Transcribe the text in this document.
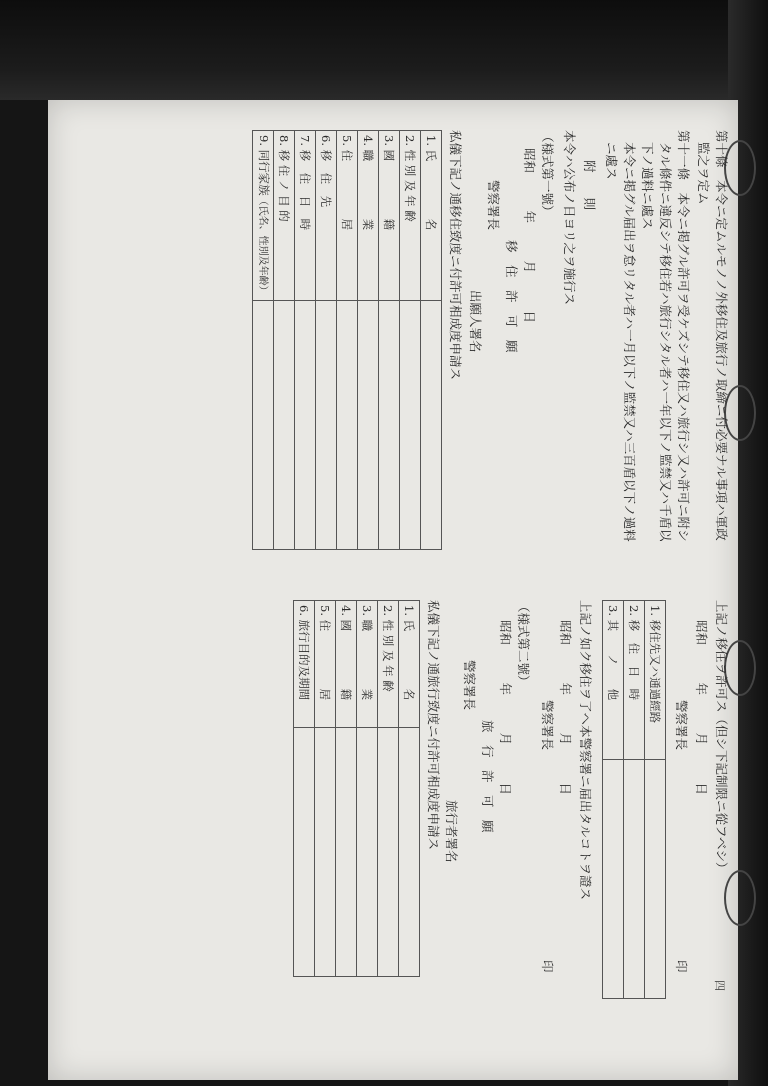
四
第十條　本令ニ定ムルモノノ外移住及旅行ノ取締ニ付必要ナル事項ハ軍政
監之ヲ定ム
第十一條　本令ニ掲グル許可ヲ受ケズシテ移住又ハ旅行シ又ハ許可ニ附シ
タル條件ニ違反シテ移住若ハ旅行シタル者ハ一年以下ノ監禁又ハ千盾以
下ノ過料ニ處ス
本令ニ掲グル届出ヲ怠リタル者ハ一月以下ノ監禁又ハ三百盾以下ノ過料
ニ處ス
附　　則
本令ハ公布ノ日ヨリ之ヲ施行ス
（様式第一號）
昭和　　　年　　　月　　　日
移　住　許　可　願
警察署長
出願人署名
私儀下記ノ通移住致度ニ付許可相成度申請ス
1. 氏　　　　　名	
2. 性 別 及 年 齢	
3. 國　　　　　籍	
4. 職　　　　　業	
5. 住　　　　　居	
6. 移　住　先	
7. 移　住　日　時	
8. 移 住 ノ 目 的	
9. 同行家族（氏名、性別及年齢）	
上記ノ移住ヲ許可ス（但シ下記制限ニ從フベシ）
昭和　　　年　　　月　　　日
警察署長
印
1. 移住先又ハ通過經路	
2. 移　住　日　時	
3. 其　　ノ　　他	
上記ノ如ク移住ヲ了ヘ本警察署ニ届出タルコトヲ證ス
昭和　　　年　　　月　　　日
警察署長
印
（様式第二號）
昭和　　　年　　　月　　　日
旅　行　許　可　願
警察署長
旅行者署名
私儀下記ノ通旅行致度ニ付許可相成度申請ス
1. 氏　　　　　名	
2. 性 別 及 年 齢	
3. 職　　　　　業	
4. 國　　　　　籍	
5. 住　　　　　居	
6. 旅行目的及期間	
